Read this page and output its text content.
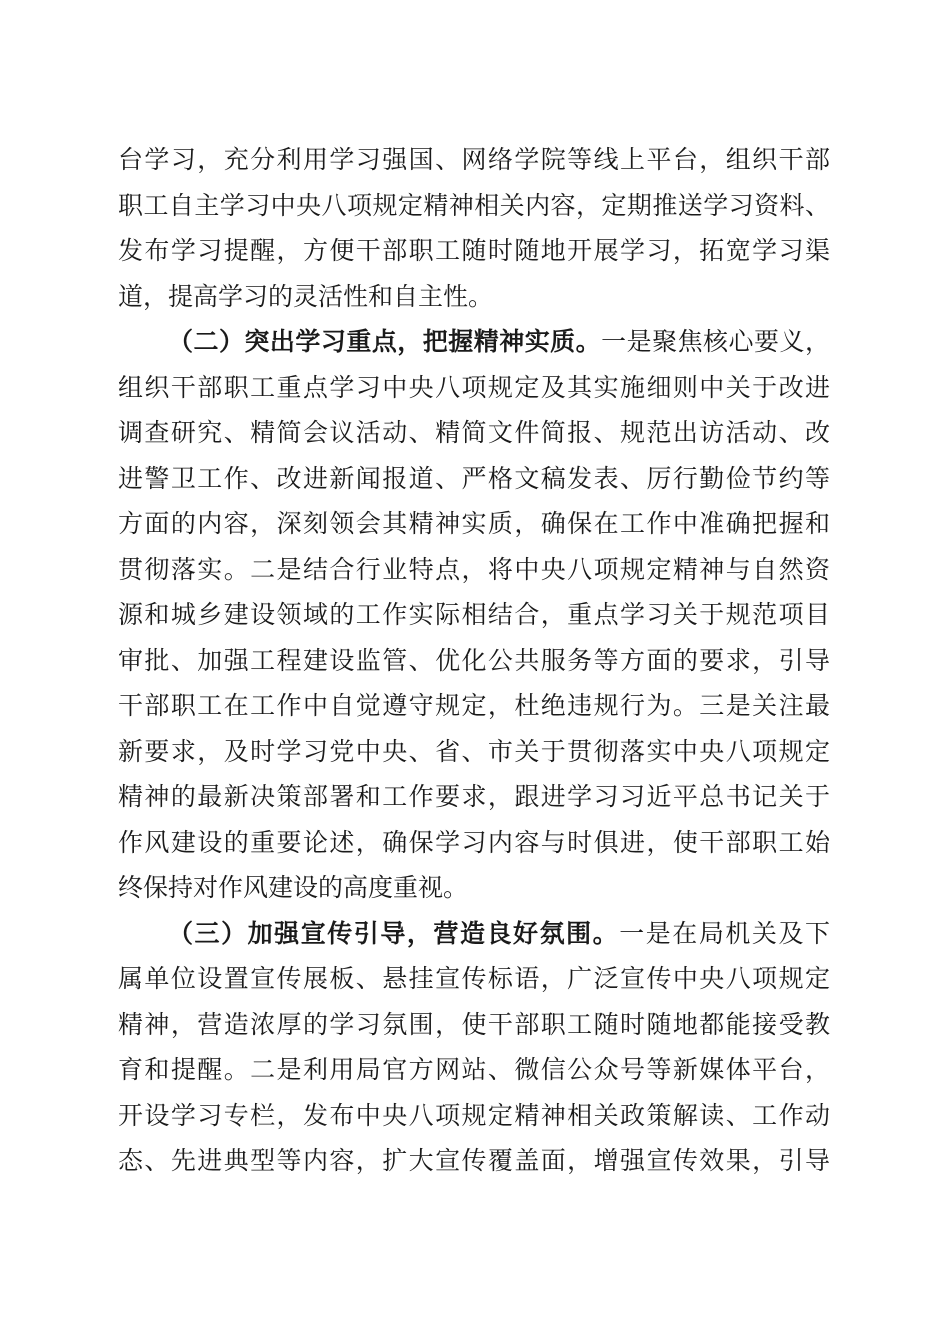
台学习，充分利用学习强国、网络学院等线上平台，组织干部
职工自主学习中央八项规定精神相关内容，定期推送学习资料、
发布学习提醒，方便干部职工随时随地开展学习，拓宽学习渠
道，提高学习的灵活性和自主性。
（二）突出学习重点，把握精神实质。一是聚焦核心要义，
组织干部职工重点学习中央八项规定及其实施细则中关于改进
调查研究、精简会议活动、精简文件简报、规范出访活动、改
进警卫工作、改进新闻报道、严格文稿发表、厉行勤俭节约等
方面的内容，深刻领会其精神实质，确保在工作中准确把握和
贯彻落实。二是结合行业特点，将中央八项规定精神与自然资
源和城乡建设领域的工作实际相结合，重点学习关于规范项目
审批、加强工程建设监管、优化公共服务等方面的要求，引导
干部职工在工作中自觉遵守规定，杜绝违规行为。三是关注最
新要求，及时学习党中央、省、市关于贯彻落实中央八项规定
精神的最新决策部署和工作要求，跟进学习习近平总书记关于
作风建设的重要论述，确保学习内容与时俱进，使干部职工始
终保持对作风建设的高度重视。
（三）加强宣传引导，营造良好氛围。一是在局机关及下
属单位设置宣传展板、悬挂宣传标语，广泛宣传中央八项规定
精神，营造浓厚的学习氛围，使干部职工随时随地都能接受教
育和提醒。二是利用局官方网站、微信公众号等新媒体平台，
开设学习专栏，发布中央八项规定精神相关政策解读、工作动
态、先进典型等内容，扩大宣传覆盖面，增强宣传效果，引导
